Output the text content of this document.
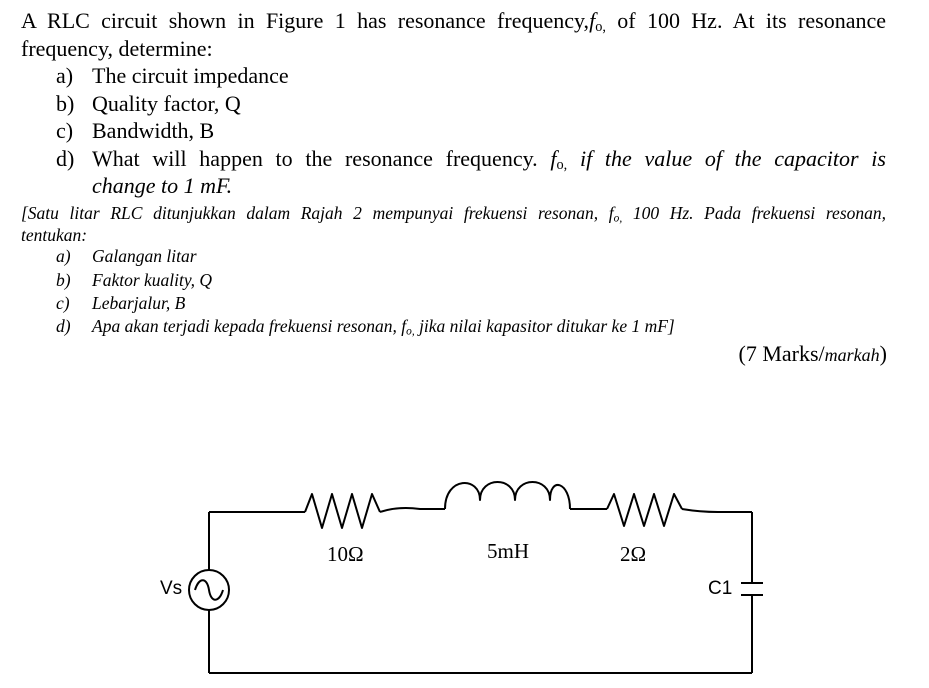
A RLC circuit shown in Figure 1 has resonance $frequency,f_{o,}$ of 100 Hz. At its resonance
frequency, determine:
a) The circuit impedance
b) Quality factor, Q
c) Bandwidth, B
d) What will happen to the resonance frequency. $f_{o,}$ if the value of the capacitor is
change to 1 mF.
[Satu litar RLC ditunjukkan dalam Rajah 2 mempunyai frekuensi resonan, $f_{o,}$ 100 Hz. Pada frekuensi resonan,
tentukan:
a) Galangan litar
b) Faktor kuality, Q
c) Lebarjalur, B
d) Apa akan terjadi kepada frekuensi resonan, $f_{o,}$ jika nilai kapasitor ditukar ke 1 mF]
(7 Marks/markah)
10Ω	5mH	2Ω
Vs	C1
